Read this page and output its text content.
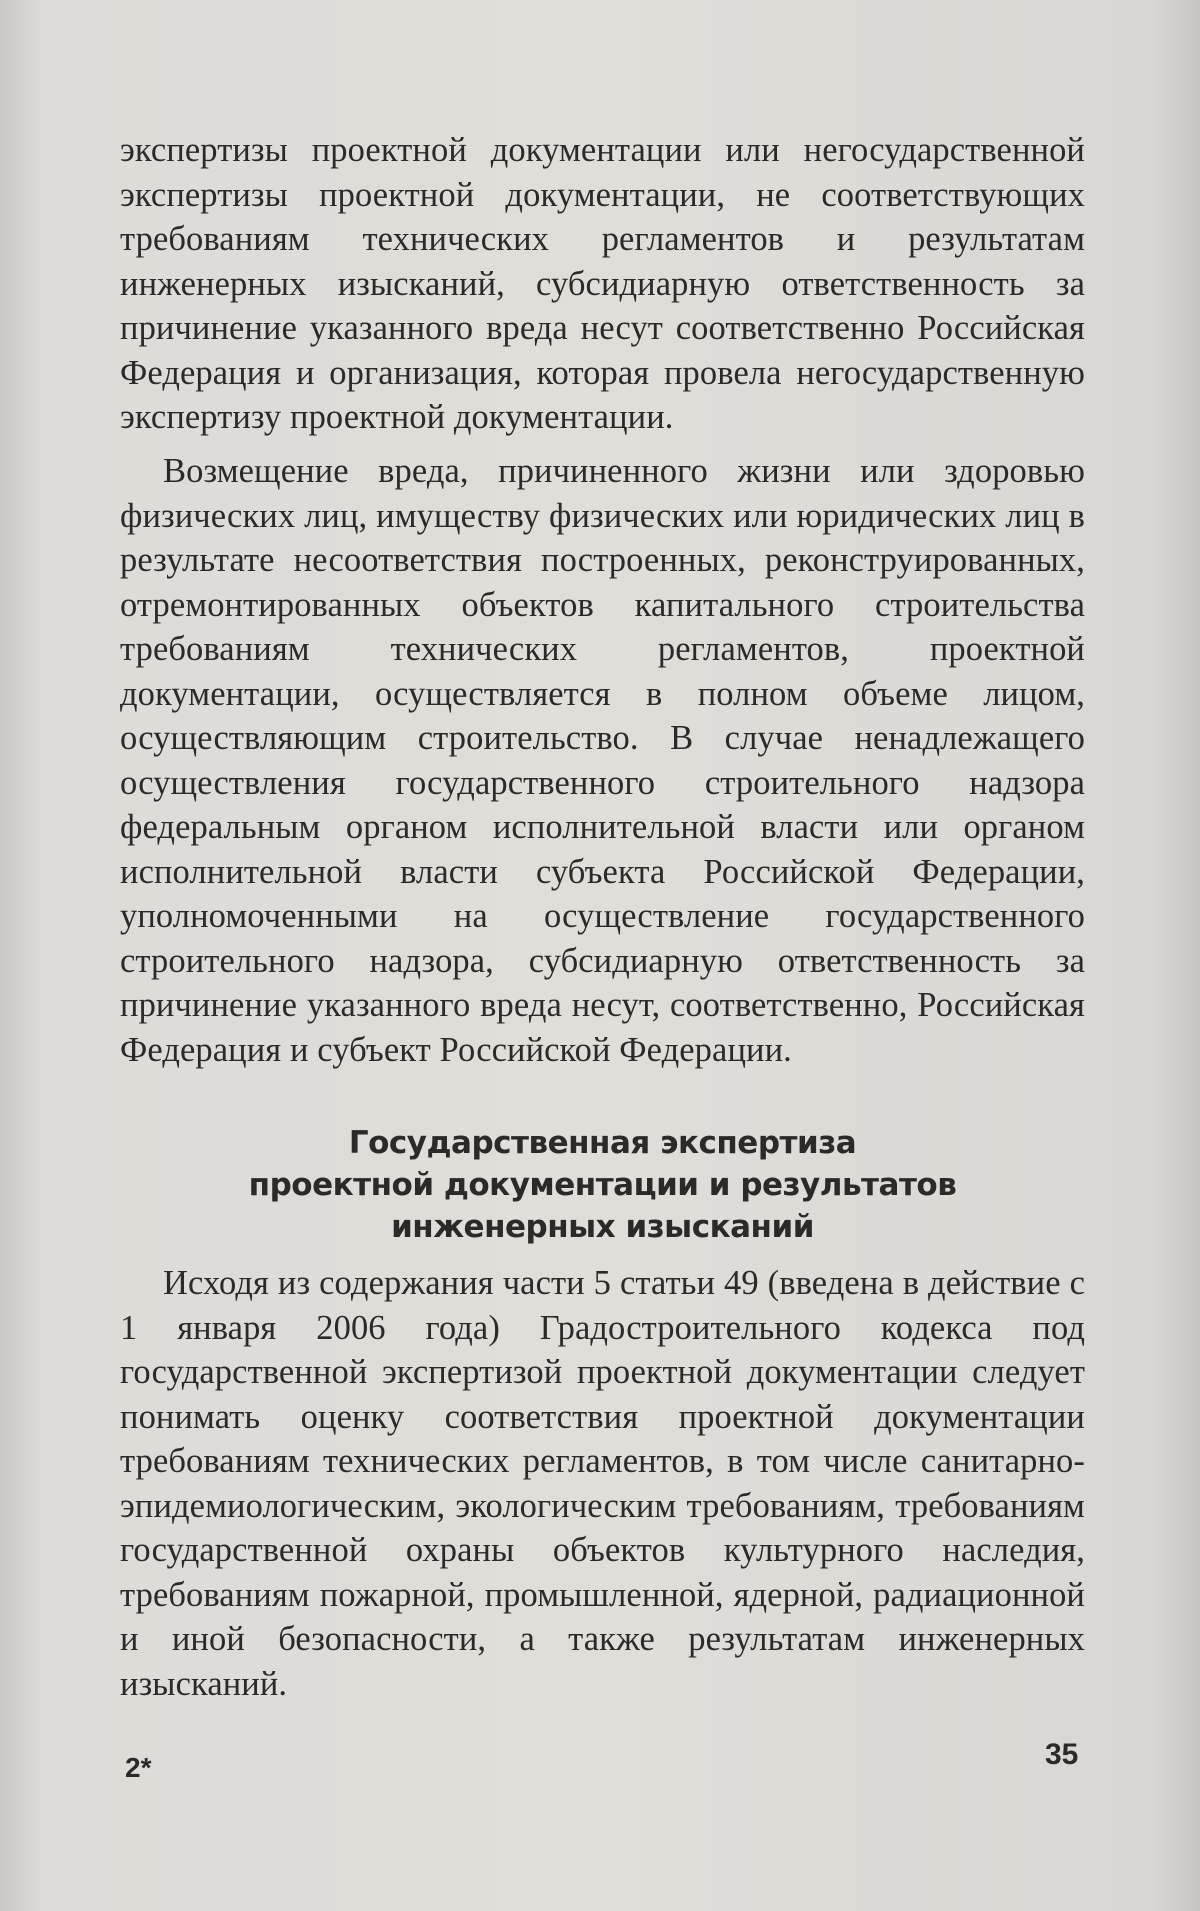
экспертизы проектной документации или негосударственной экспертизы проектной документации, не соответствующих требованиям технических регламентов и результатам инженерных изысканий, субсидиарную ответственность за причинение указанного вреда несут соответственно Российская Федерация и организация, которая провела негосударственную экспертизу проектной документации.

Возмещение вреда, причиненного жизни или здоровью физических лиц, имуществу физических или юридических лиц в результате несоответствия построенных, реконструированных, отремонтированных объектов капитального строительства требованиям технических регламентов, проектной документации, осуществляется в полном объеме лицом, осуществляющим строительство. В случае ненадлежащего осуществления государственного строительного надзора федеральным органом исполнительной власти или органом исполнительной власти субъекта Российской Федерации, уполномоченными на осуществление государственного строительного надзора, субсидиарную ответственность за причинение указанного вреда несут, соответственно, Российская Федерация и субъект Российской Федерации.

Государственная экспертиза
проектной документации и результатов
инженерных изысканий

Исходя из содержания части 5 статьи 49 (введена в действие с 1 января 2006 года) Градостроительного кодекса под государственной экспертизой проектной документации следует понимать оценку соответствия проектной документации требованиям технических регламентов, в том числе санитарно-эпидемиологическим, экологическим требованиям, требованиям государственной охраны объектов культурного наследия, требованиям пожарной, промышленной, ядерной, радиационной и иной безопасности, а также результатам инженерных изысканий.

2*	35
